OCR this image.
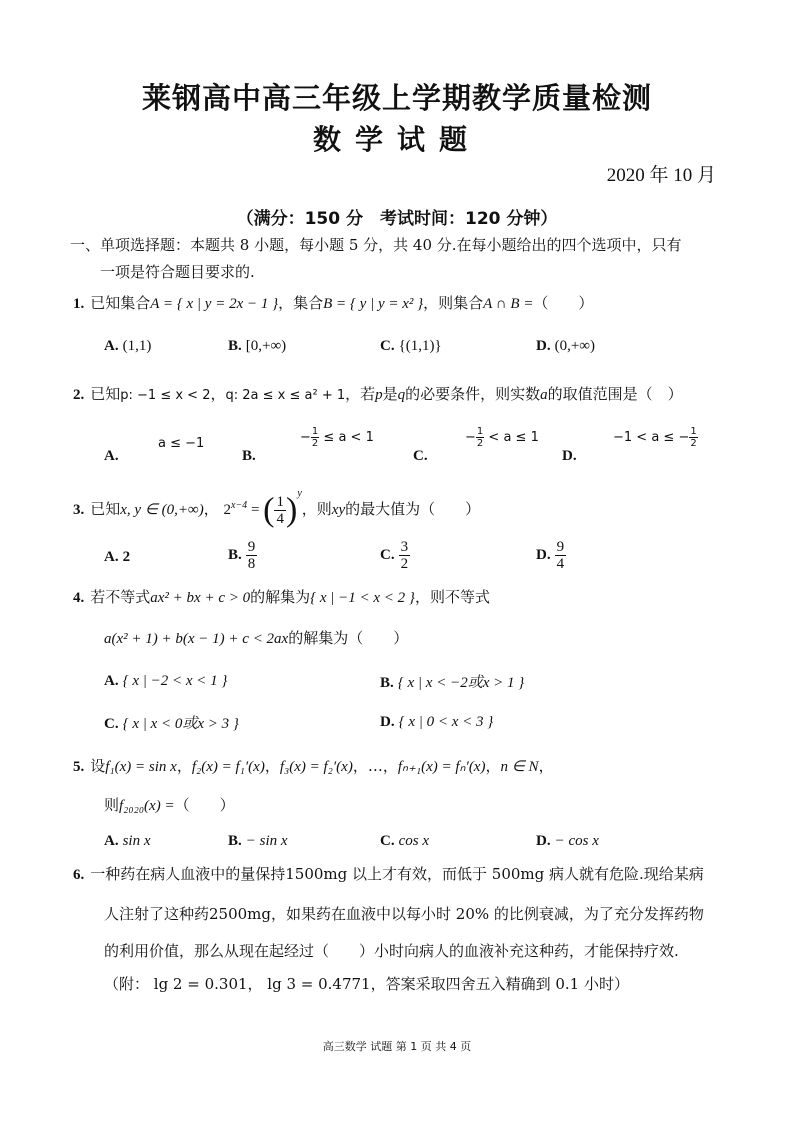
莱钢高中高三年级上学期教学质量检测
数学试题
2020 年 10 月
（满分：150 分　考试时间：120 分钟）
一、单项选择题：本题共 8 小题，每小题 5 分，共 40 分.在每小题给出的四个选项中，只有
一项是符合题目要求的.
1. 已知集合A = { x | y = 2x − 1 }，集合B = { y | y = x² }，则集合A ∩ B =（　　）
A. (1,1)	B. [0,+∞)	C. {(1,1)}	D. (0,+∞)
2. 已知p: −1 ≤ x < 2，q: 2a ≤ x ≤ a² + 1，若p是q的必要条件，则实数a的取值范围是（　）
A.
a ≤ −1
B.
− $\frac{1}{2} \le a < 1$
C.
− $\frac{1}{2} < a \le 1$
D.
−1 < a ≤ − $\frac{1}{2}$
3. 已知x, y ∈ (0,+∞)， $2^{x-4}$ = ( $\frac{1}{4} )^y$，则xy的最大值为（　　）
A. 2	B. $\frac{9}{8}$	C. $\frac{3}{2}$	D. $\frac{9}{4}$
4. 若不等式ax² + bx + c > 0的解集为{ x | −1 < x < 2 }，则不等式
a(x² + 1) + b(x − 1) + c < 2ax的解集为（　　）
A. { x | −2 < x < 1 }	B. { x | x < −2或x > 1 }
C. { x | x < 0或x > 3 }	D. { x | 0 < x < 3 }
5. 设f₁(x) = sin x，f₂(x) = f₁′(x)，f₃(x) = f₂′(x)，…，fₙ₊₁(x) = fₙ′(x)，n ∈ N，
则f₂₀₂₀(x) =（　　）
A. sin x	B. − sin x	C. cos x	D. − cos x
6. 一种药在病人血液中的量保持1500mg 以上才有效，而低于 500mg 病人就有危险.现给某病
人注射了这种药2500mg，如果药在血液中以每小时 20% 的比例衰减，为了充分发挥药物
的利用价值，那么从现在起经过（　　）小时向病人的血液补充这种药，才能保持疗效.
（附： lg 2 = 0.301， lg 3 = 0.4771，答案采取四舍五入精确到 0.1 小时）
高三数学 试题 第 1 页 共 4 页
